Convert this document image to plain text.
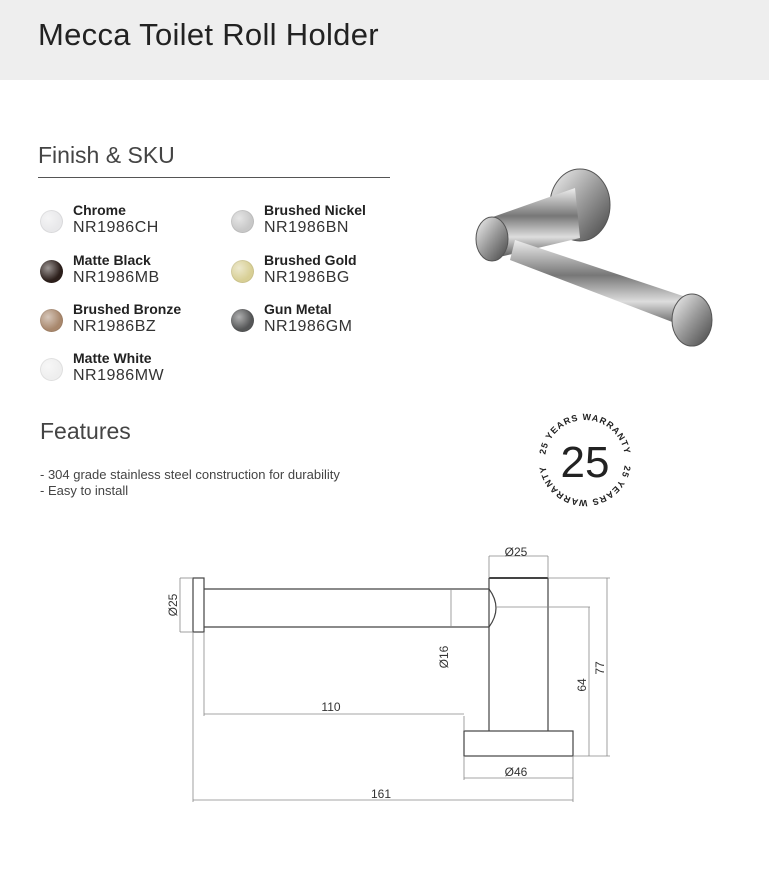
Mecca Toilet Roll Holder
Finish & SKU
Chrome
NR1986CH
Brushed Nickel
NR1986BN
Matte Black
NR1986MB
Brushed Gold
NR1986BG
Brushed Bronze
NR1986BZ
Gun Metal
NR1986GM
Matte White
NR1986MW
Features
- 304 grade stainless steel construction for durability
- Easy to install
25 YEARS WARRANTY
25 YEARS WARRANTY 25
Ø25
Ø25
Ø16
110
Ø46
161
64
77
